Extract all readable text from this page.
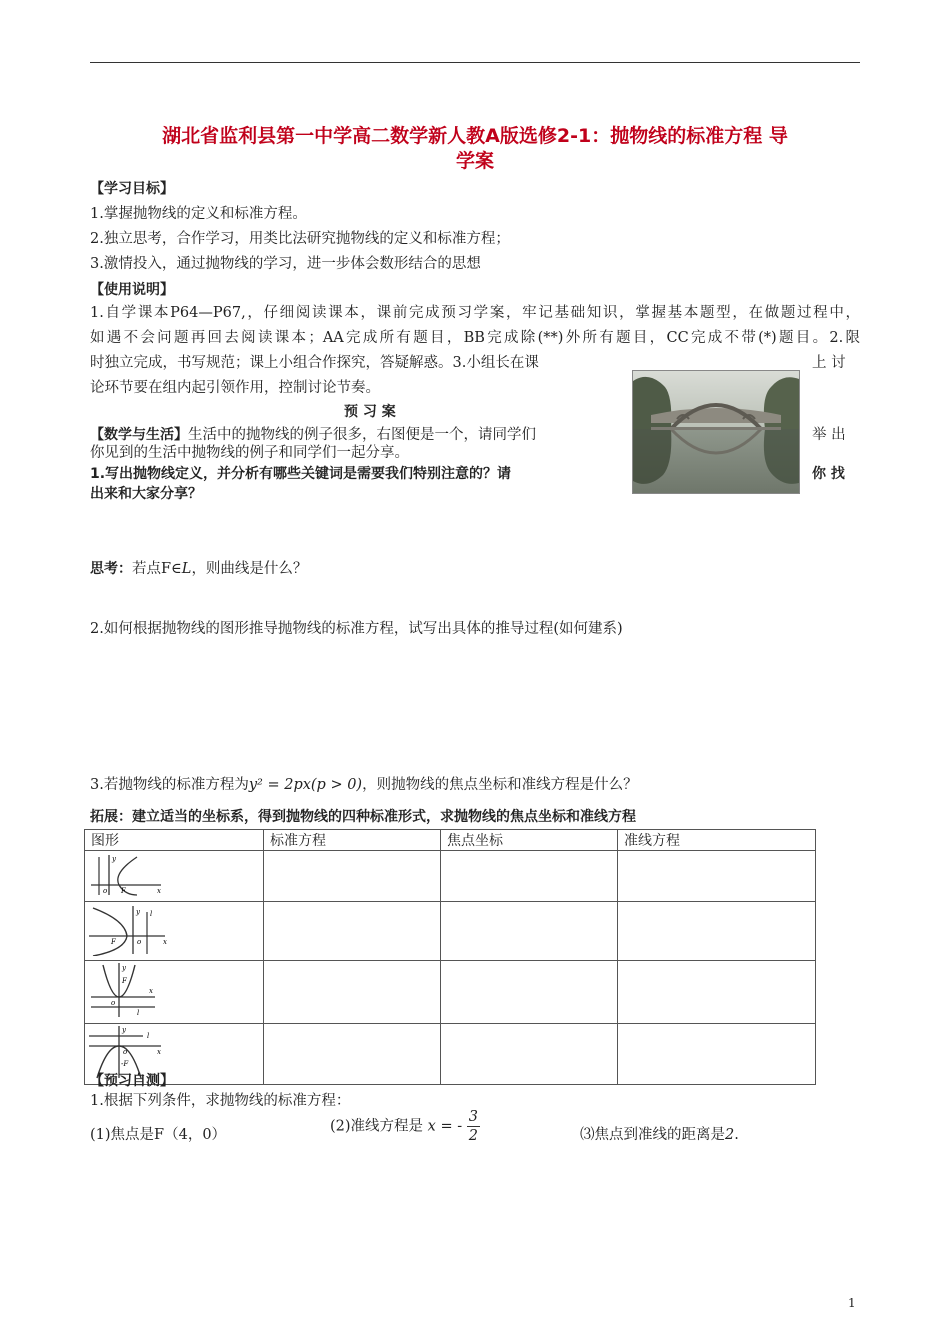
湖北省监利县第一中学高二数学新人教A版选修2-1：抛物线的标准方程 导
学案
【学习目标】
1.掌握抛物线的定义和标准方程。
2.独立思考，合作学习，用类比法研究抛物线的定义和标准方程；
3.激情投入，通过抛物线的学习，进一步体会数形结合的思想
【使用说明】
1.自学课本P64—P67,，仔细阅读课本，课前完成预习学案，牢记基础知识，掌握基本题型，在做题过程中，
如遇不会问题再回去阅读课本；AA完成所有题目，BB完成除(**)外所有题目，CC完成不带(*)题目。2.限
时独立完成，书写规范；课上小组合作探究，答疑解惑。3.小组长在课	上 讨
论环节要在组内起引领作用，控制讨论节奏。
预 习 案
【数学与生活】生活中的抛物线的例子很多，右图便是一个，请同学们	举 出
你见到的生活中抛物线的例子和同学们一起分享。
1.写出抛物线定义，并分析有哪些关键词是需要我们特别注意的？请	你 找
出来和大家分享？
思考：若点F∈L，则曲线是什么？
2.如何根据抛物线的图形推导抛物线的标准方程，试写出具体的推导过程(如何建系)
3.若抛物线的标准方程为y² = 2px(p > 0)，则抛物线的焦点坐标和准线方程是什么？
拓展：建立适当的坐标系，得到抛物线的四种标准形式，求抛物线的焦点坐标和准线方程
图形	标准方程	焦点坐标	准线方程

y
o F x			

y l
F o x			

y
F
o
x
l			

y
l
o
-F
x			

【预习自测】
1.根据下列条件，求抛物线的标准方程：
(1)焦点是F（4，0）
(2)准线方程是 x = - $\frac{3}{2}$	⑶焦点到准线的距离是2.
1
